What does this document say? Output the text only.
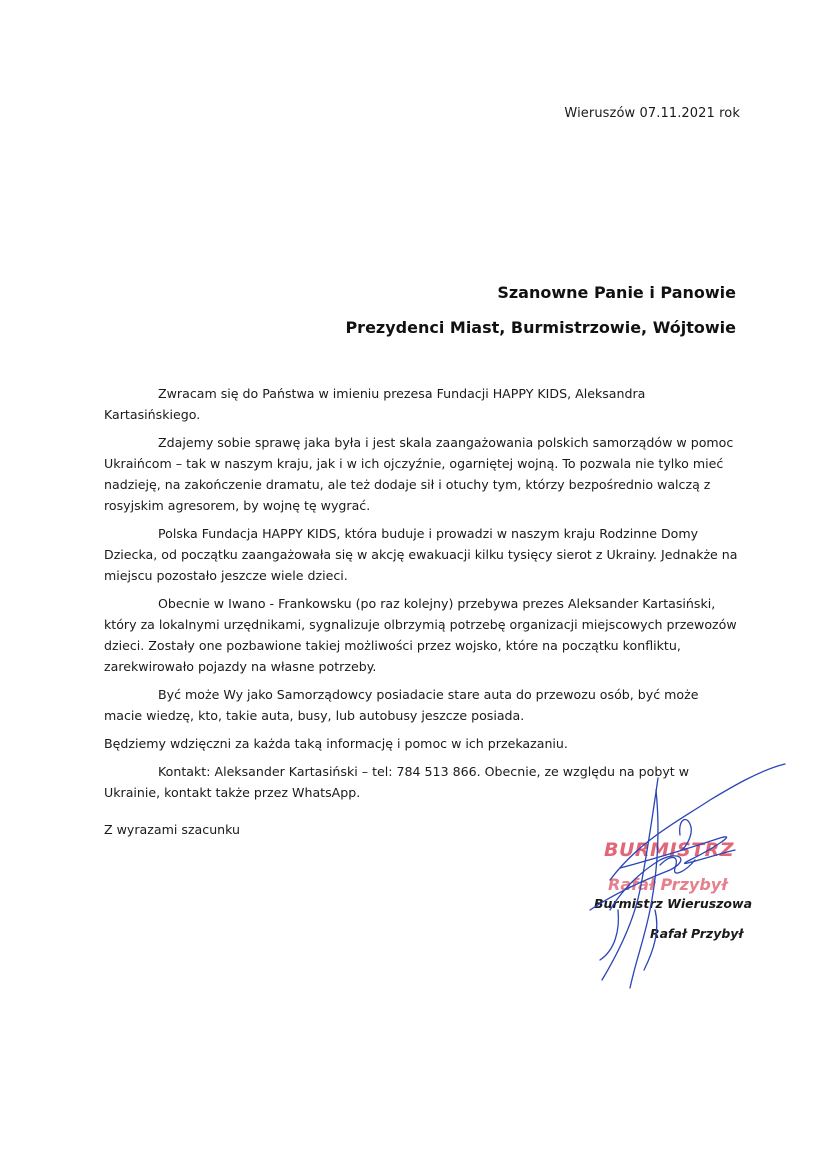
Wieruszów 07.11.2021 rok
Szanowne Panie i Panowie
Prezydenci Miast, Burmistrzowie, Wójtowie

Zwracam się do Państwa w imieniu prezesa Fundacji HAPPY KIDS, Aleksandra Kartasińskiego.

Zdajemy sobie sprawę jaka była i jest skala zaangażowania polskich samorządów w pomoc Ukraińcom – tak w naszym kraju, jak i w ich ojczyźnie, ogarniętej wojną. To pozwala nie tylko mieć nadzieję, na zakończenie dramatu, ale też dodaje sił i otuchy tym, którzy bezpośrednio walczą z rosyjskim agresorem, by wojnę tę wygrać.

Polska Fundacja HAPPY KIDS, która buduje i prowadzi w naszym kraju Rodzinne Domy Dziecka, od początku zaangażowała się w akcję ewakuacji kilku tysięcy sierot z Ukrainy. Jednakże na miejscu pozostało jeszcze wiele dzieci.

Obecnie w Iwano - Frankowsku (po raz kolejny) przebywa prezes Aleksander Kartasiński, który za lokalnymi urzędnikami, sygnalizuje olbrzymią potrzebę organizacji miejscowych przewozów dzieci. Zostały one pozbawione takiej możliwości przez wojsko, które na początku konfliktu, zarekwirowało pojazdy na własne potrzeby.

Być może Wy jako Samorządowcy posiadacie stare auta do przewozu osób, być może macie wiedzę, kto, takie auta, busy, lub autobusy jeszcze posiada.

Będziemy wdzięczni za każda taką informację i pomoc w ich przekazaniu.

Kontakt: Aleksander Kartasiński – tel: 784 513 866. Obecnie, ze względu na pobyt w Ukrainie, kontakt także przez WhatsApp.

Z wyrazami szacunku
BURMISTRZ
Rafał Przybył
Burmistrz Wieruszowa
Rafał Przybył
